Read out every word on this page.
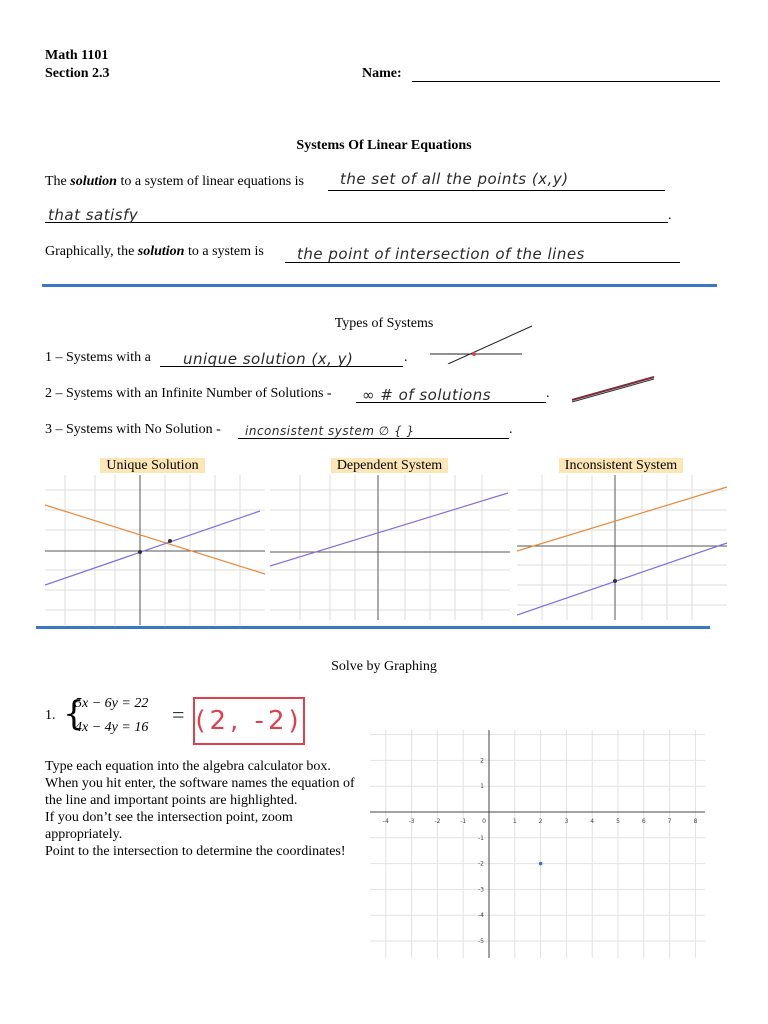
Math 1101
Section 2.3	Name:
Systems Of Linear Equations
The solution to a system of linear equations is the set of all the points (x,y)
that satisfy	.
Graphically, the solution to a system is the point of intersection of the lines
Types of Systems
1 – Systems with a unique solution (x, y)	.
2 – Systems with an Infinite Number of Solutions - ∞ # of solutions	.
3 – Systems with No Solution - inconsistent system ∅ { }	.
Unique Solution	Dependent System	Inconsistent System
Solve by Graphing
1. {
5x − 6y = 22
4x − 4y = 16
= (2, -2)
Type each equation into the algebra calculator box.
When you hit enter, the software names the equation of the line and important points are highlighted.
If you don’t see the intersection point, zoom appropriately.
Point to the intersection to determine the coordinates!
-4	-3	-2	-1	0	1	2	3	4	5	6	7	8
2
1
-1
-2
-3
-4
-5
